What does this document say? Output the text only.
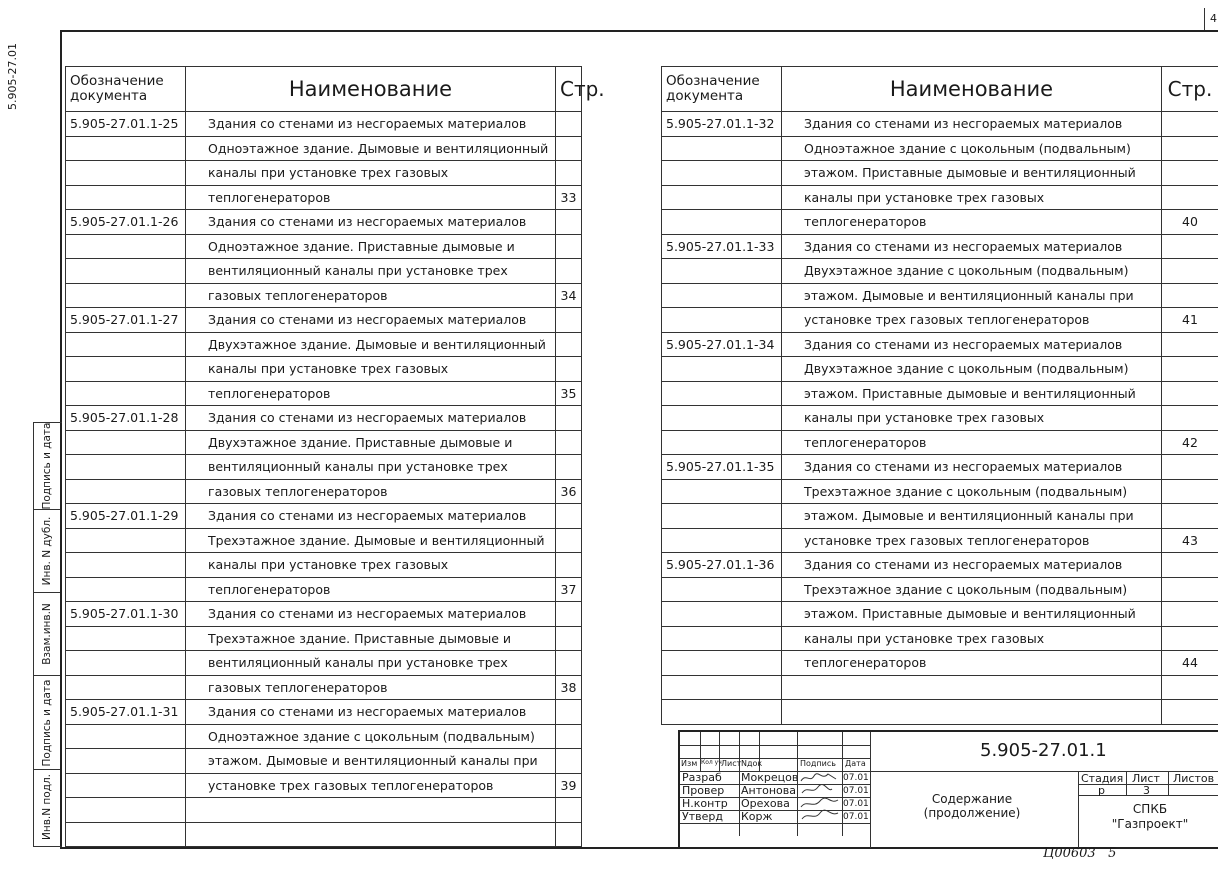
5.905-27.01
4
Подпись и дата
Инв. N дубл.
Взам.инв.N
Подпись и дата
Инв.N подл.
Обозначение документа	Наименование	Стр.
5.905-27.01.1-25	Здания со стенами из несгораемых материалов	
	Одноэтажное здание. Дымовые и вентиляционный	
	каналы при установке трех газовых	
	теплогенераторов	33
5.905-27.01.1-26	Здания со стенами из несгораемых материалов	
	Одноэтажное здание. Приставные дымовые и	
	вентиляционный каналы при установке трех	
	газовых теплогенераторов	34
5.905-27.01.1-27	Здания со стенами из несгораемых материалов	
	Двухэтажное здание. Дымовые и вентиляционный	
	каналы при установке трех газовых	
	теплогенераторов	35
5.905-27.01.1-28	Здания со стенами из несгораемых материалов	
	Двухэтажное здание. Приставные дымовые и	
	вентиляционный каналы при установке трех	
	газовых теплогенераторов	36
5.905-27.01.1-29	Здания со стенами из несгораемых материалов	
	Трехэтажное здание. Дымовые и вентиляционный	
	каналы при установке трех газовых	
	теплогенераторов	37
5.905-27.01.1-30	Здания со стенами из несгораемых материалов	
	Трехэтажное здание. Приставные дымовые и	
	вентиляционный каналы при установке трех	
	газовых теплогенераторов	38
5.905-27.01.1-31	Здания со стенами из несгораемых материалов	
	Одноэтажное здание с цокольным (подвальным)	
	этажом. Дымовые и вентиляционный каналы при	
	установке трех газовых теплогенераторов	39

Обозначение документа	Наименование	Стр.
5.905-27.01.1-32	Здания со стенами из несгораемых материалов	
	Одноэтажное здание с цокольным (подвальным)	
	этажом. Приставные дымовые и вентиляционный	
	каналы при установке трех газовых	
	теплогенераторов	40
5.905-27.01.1-33	Здания со стенами из несгораемых материалов	
	Двухэтажное здание с цокольным (подвальным)	
	этажом. Дымовые и вентиляционный каналы при	
	установке трех газовых теплогенераторов	41
5.905-27.01.1-34	Здания со стенами из несгораемых материалов	
	Двухэтажное здание с цокольным (подвальным)	
	этажом. Приставные дымовые и вентиляционный	
	каналы при установке трех газовых	
	теплогенераторов	42
5.905-27.01.1-35	Здания со стенами из несгораемых материалов	
	Трехэтажное здание с цокольным (подвальным)	
	этажом. Дымовые и вентиляционный каналы при	
	установке трех газовых теплогенераторов	43
5.905-27.01.1-36	Здания со стенами из несгораемых материалов	
	Трехэтажное здание с цокольным (подвальным)	
	этажом. Приставные дымовые и вентиляционный	
	каналы при установке трех газовых	
	теплогенераторов	44

Изм Кол уч Лист Nдок	Подпись Дата
Разраб Мокрецов	07.01
Провер Антонова	07.01
Н.контр Орехова	07.01
Утверд Корж	07.01
5.905-27.01.1
Содержание (продолжение)
Стадия Лист Листов
р	3
СПКБ "Газпроект"
Ц00603   5
